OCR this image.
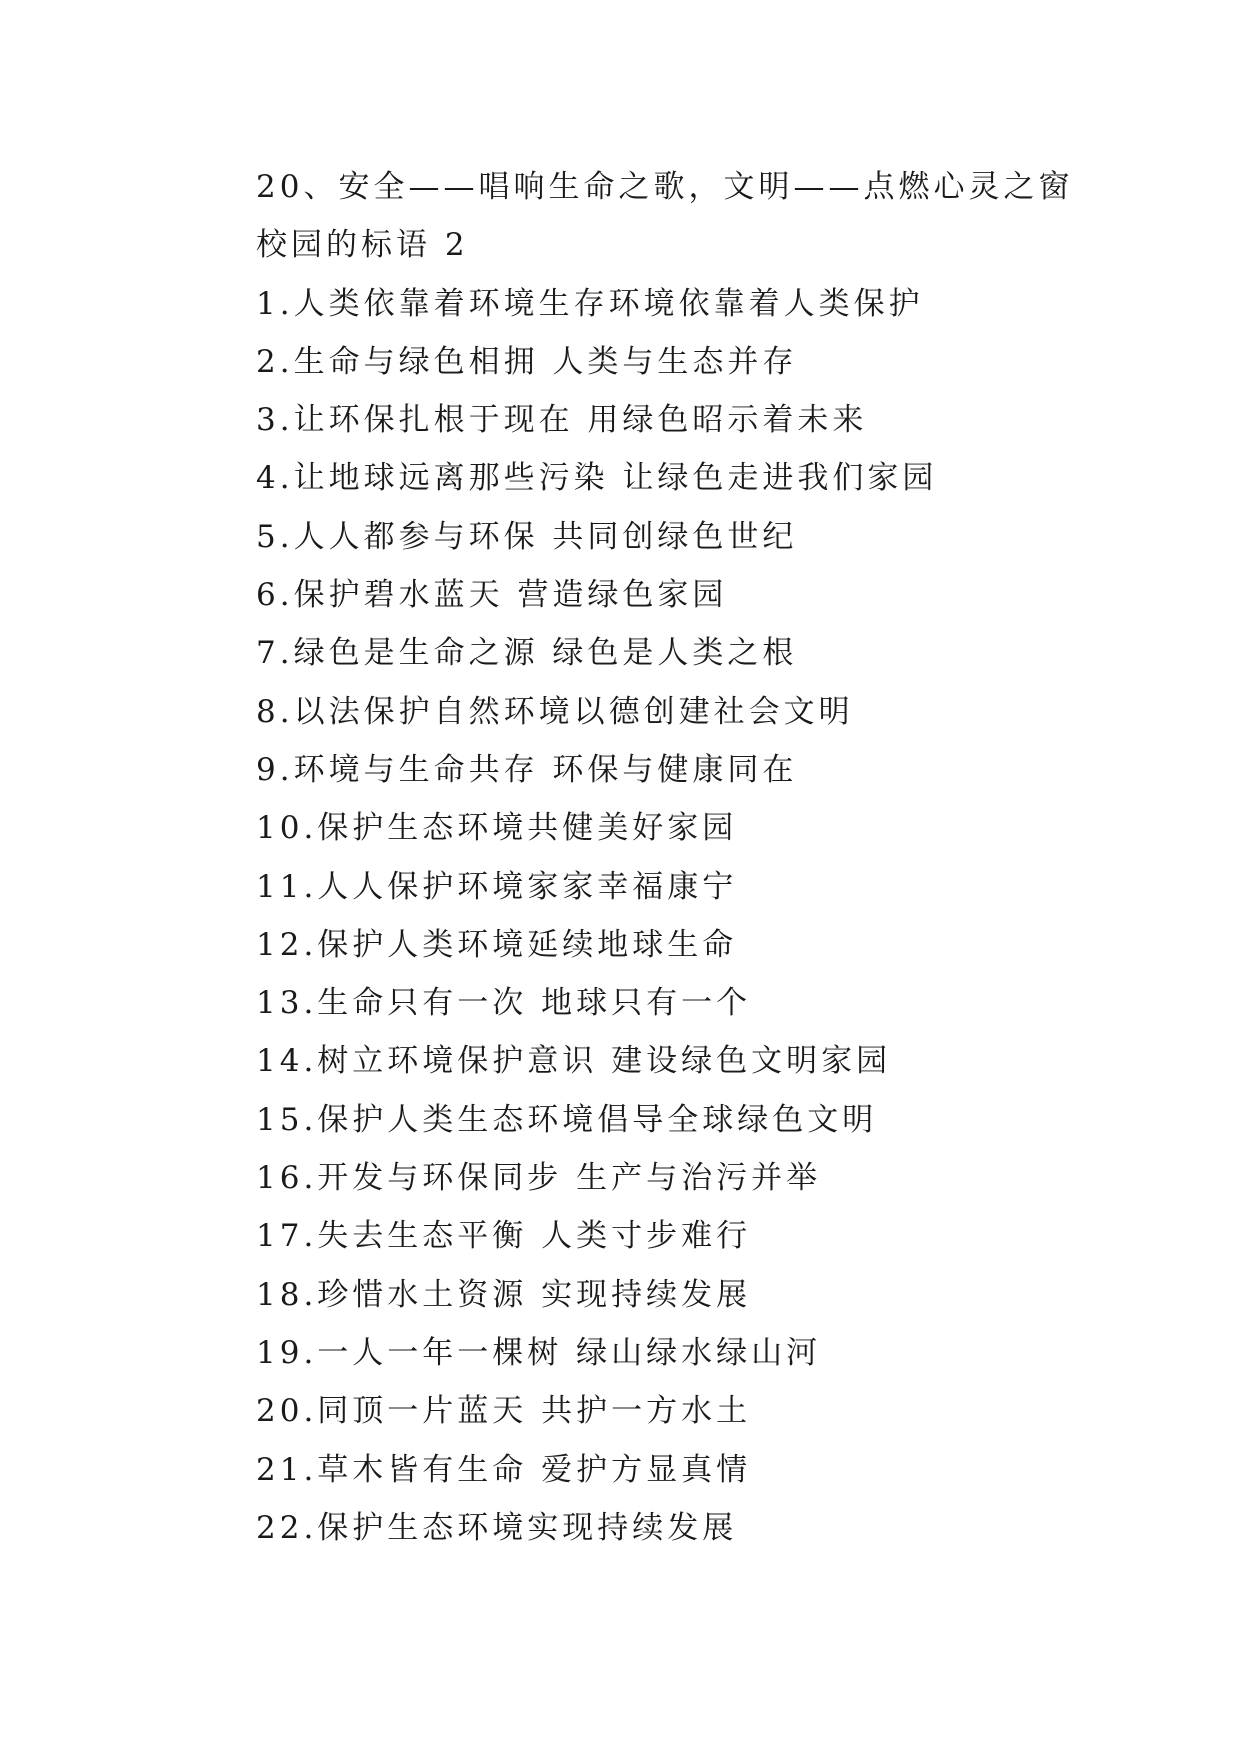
20、安全——唱响生命之歌，文明——点燃心灵之窗
校园的标语 2
1.人类依靠着环境生存环境依靠着人类保护
2.生命与绿色相拥 人类与生态并存
3.让环保扎根于现在 用绿色昭示着未来
4.让地球远离那些污染 让绿色走进我们家园
5.人人都参与环保 共同创绿色世纪
6.保护碧水蓝天 营造绿色家园
7.绿色是生命之源 绿色是人类之根
8.以法保护自然环境以德创建社会文明
9.环境与生命共存 环保与健康同在
10.保护生态环境共健美好家园
11.人人保护环境家家幸福康宁
12.保护人类环境延续地球生命
13.生命只有一次 地球只有一个
14.树立环境保护意识 建设绿色文明家园
15.保护人类生态环境倡导全球绿色文明
16.开发与环保同步 生产与治污并举
17.失去生态平衡 人类寸步难行
18.珍惜水土资源 实现持续发展
19.一人一年一棵树 绿山绿水绿山河
20.同顶一片蓝天 共护一方水土
21.草木皆有生命 爱护方显真情
22.保护生态环境实现持续发展
